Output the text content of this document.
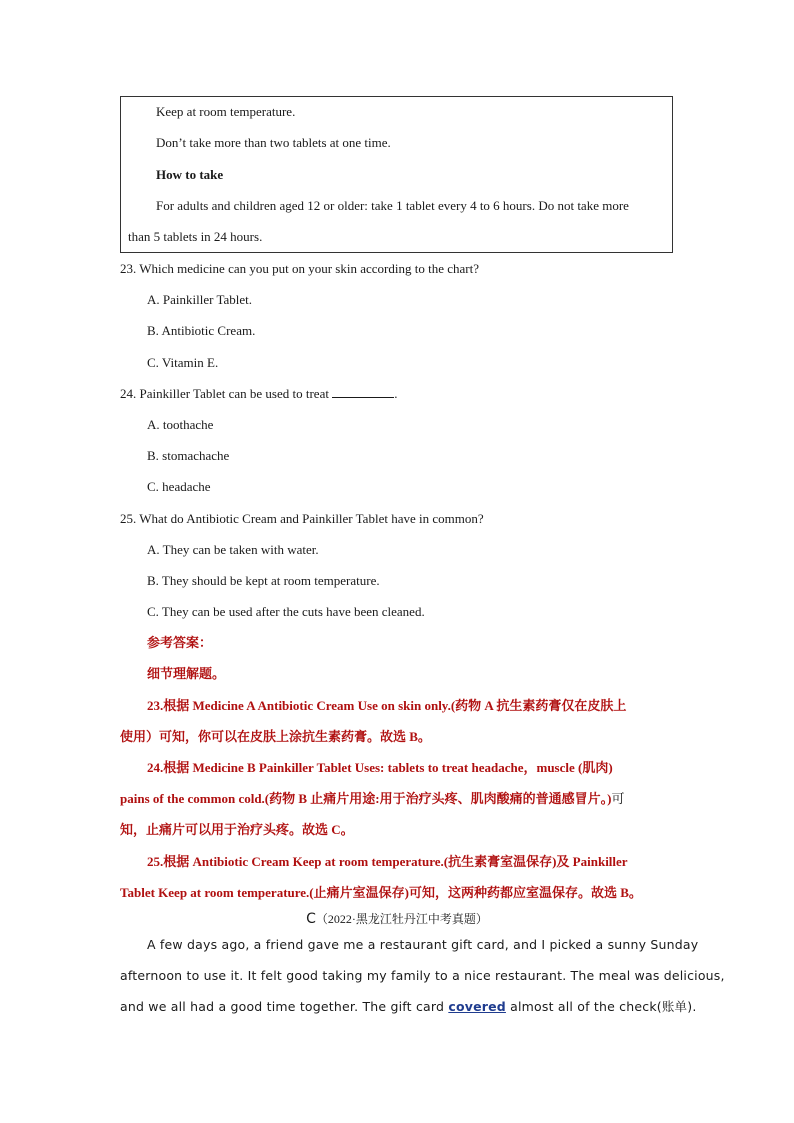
Keep at room temperature.
Don’t take more than two tablets at one time.
How to take
For adults and children aged 12 or older: take 1 tablet every 4 to 6 hours. Do not take more
than 5 tablets in 24 hours.
23. Which medicine can you put on your skin according to the chart?
A. Painkiller Tablet.
B. Antibiotic Cream.
C. Vitamin E.
24. Painkiller Tablet can be used to treat	.
A. toothache
B. stomachache
C. headache
25. What do Antibiotic Cream and Painkiller Tablet have in common?
A. They can be taken with water.
B. They should be kept at room temperature.
C. They can be used after the cuts have been cleaned.
参考答案：
细节理解题。
23.根据 Medicine A Antibiotic Cream Use on skin only.(药物 A 抗生素药膏仅在皮肤上
使用）可知，你可以在皮肤上涂抗生素药膏。故选 B。
24.根据 Medicine B Painkiller Tablet Uses: tablets to treat headache，muscle (肌肉)
pains of the common cold.(药物 B 止痛片用途:用于治疗头疼、肌肉酸痛的普通感冒片。)可
知，止痛片可以用于治疗头疼。故选 C。
25.根据 Antibiotic Cream Keep at room temperature.(抗生素膏室温保存)及 Painkiller
Tablet Keep at room temperature.(止痛片室温保存)可知，这两种药都应室温保存。故选 B。
C（2022·黑龙江牡丹江中考真题）
A few days ago, a friend gave me a restaurant gift card, and I picked a sunny Sunday
afternoon to use it. It felt good taking my family to a nice restaurant. The meal was delicious,
and we all had a good time together. The gift card covered almost all of the check(账单).
